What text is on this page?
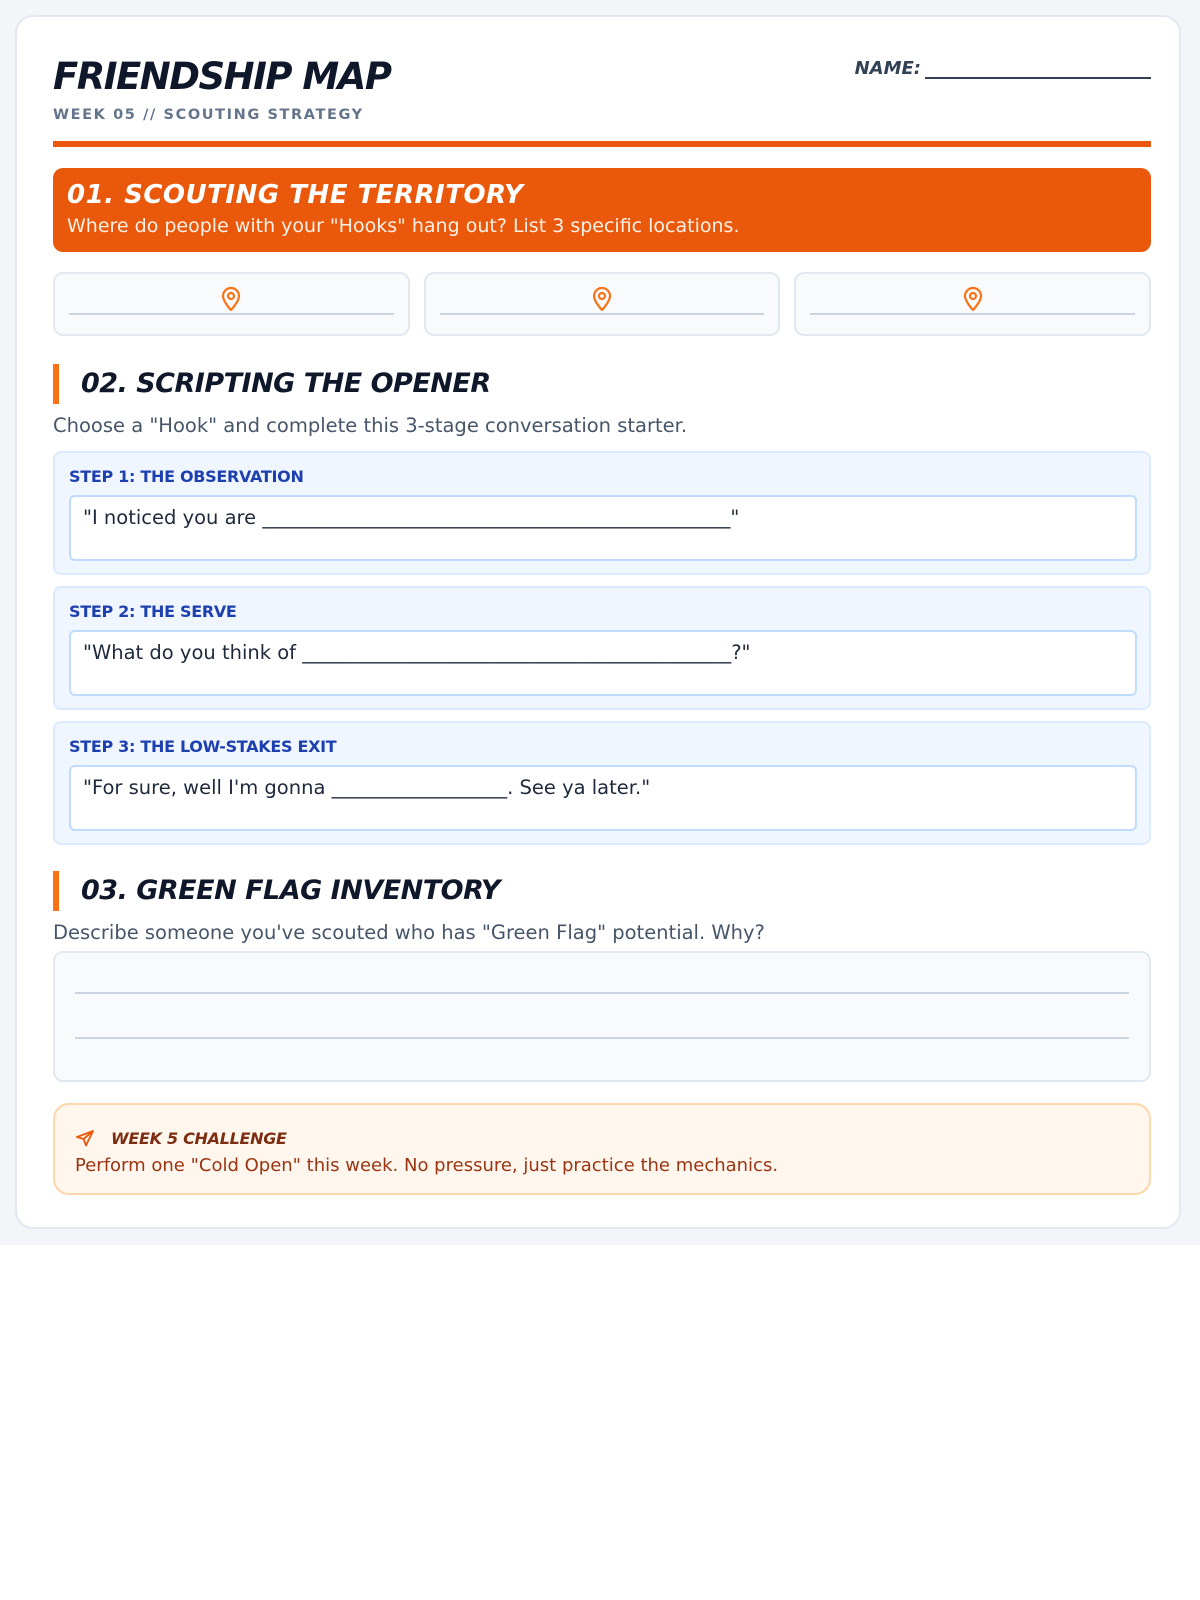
FRIENDSHIP MAP
WEEK 05 // SCOUTING STRATEGY
NAME:
01. SCOUTING THE TERRITORY
Where do people with your "Hooks" hang out? List 3 specific locations.
02. SCRIPTING THE OPENER
Choose a "Hook" and complete this 3-stage conversation starter.
STEP 1: THE OBSERVATION
"I noticed you are ________________________________________________"
STEP 2: THE SERVE
"What do you think of ____________________________________________?"
STEP 3: THE LOW-STAKES EXIT
"For sure, well I'm gonna __________________. See ya later."
03. GREEN FLAG INVENTORY
Describe someone you've scouted who has "Green Flag" potential. Why?
WEEK 5 CHALLENGE
Perform one "Cold Open" this week. No pressure, just practice the mechanics.
